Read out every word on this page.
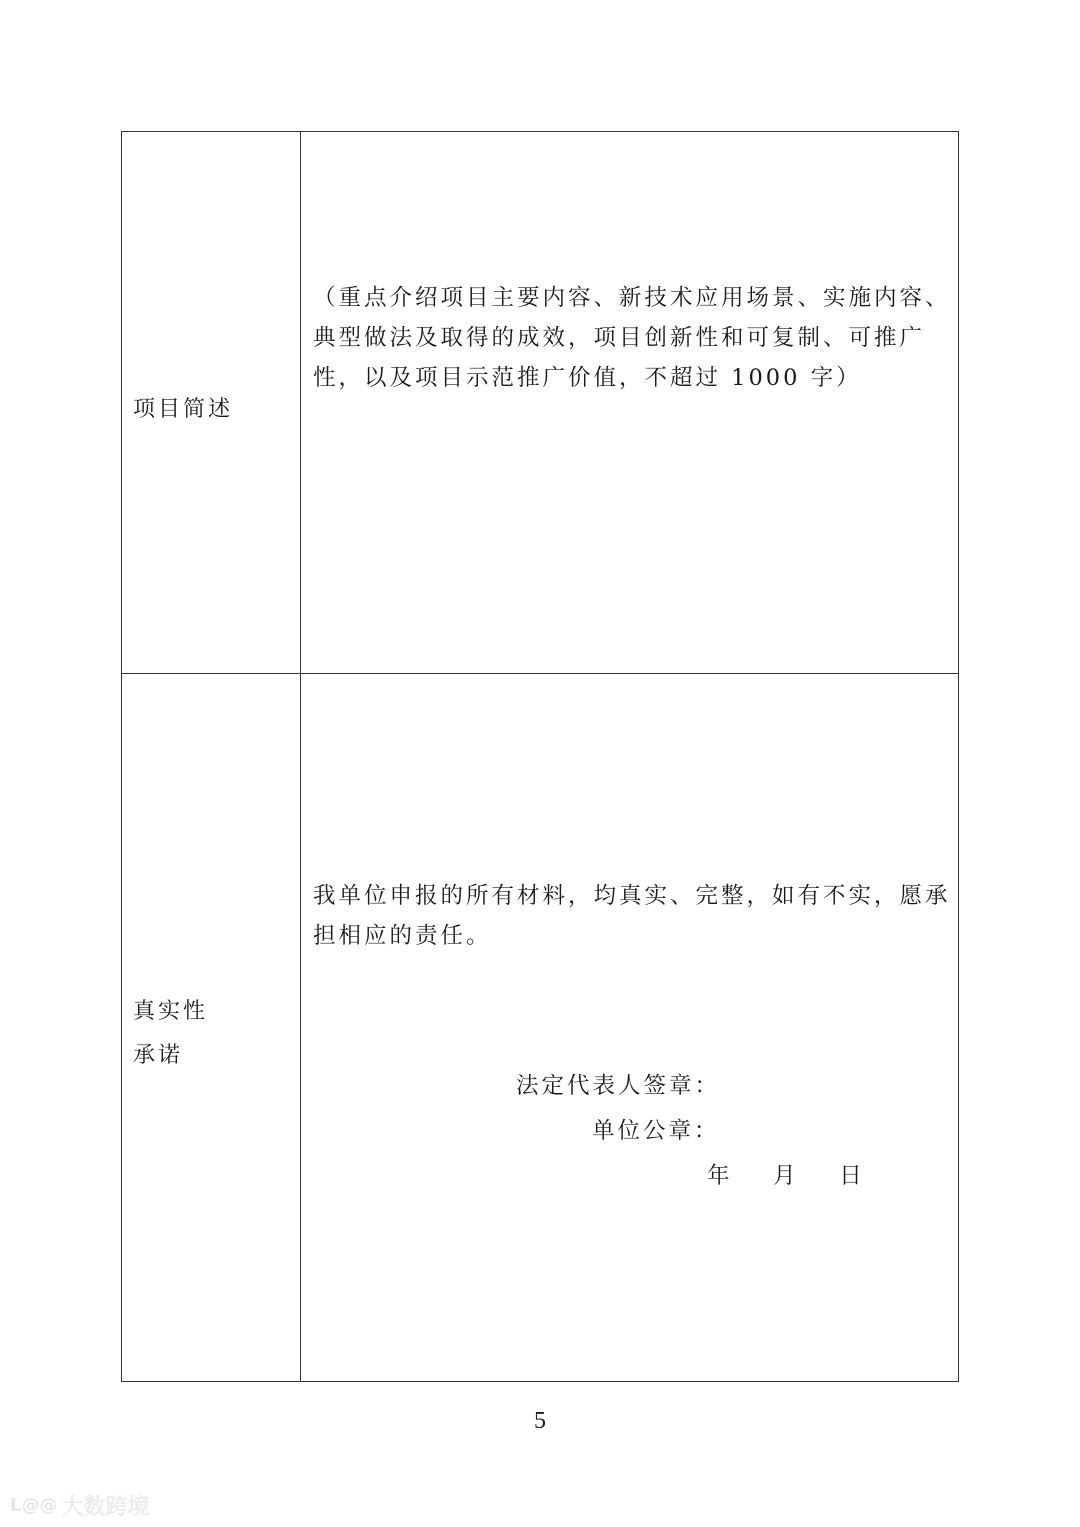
项目简述
（重点介绍项目主要内容、新技术应用场景、实施内容、典型做法及取得的成效，项目创新性和可复制、可推广性，以及项目示范推广价值，不超过 1000 字）
真实性
承诺
我单位申报的所有材料，均真实、完整，如有不实，愿承担相应的责任。
法定代表人签章：
单位公章：
年    月    日
5
L@@ 大数跨境
